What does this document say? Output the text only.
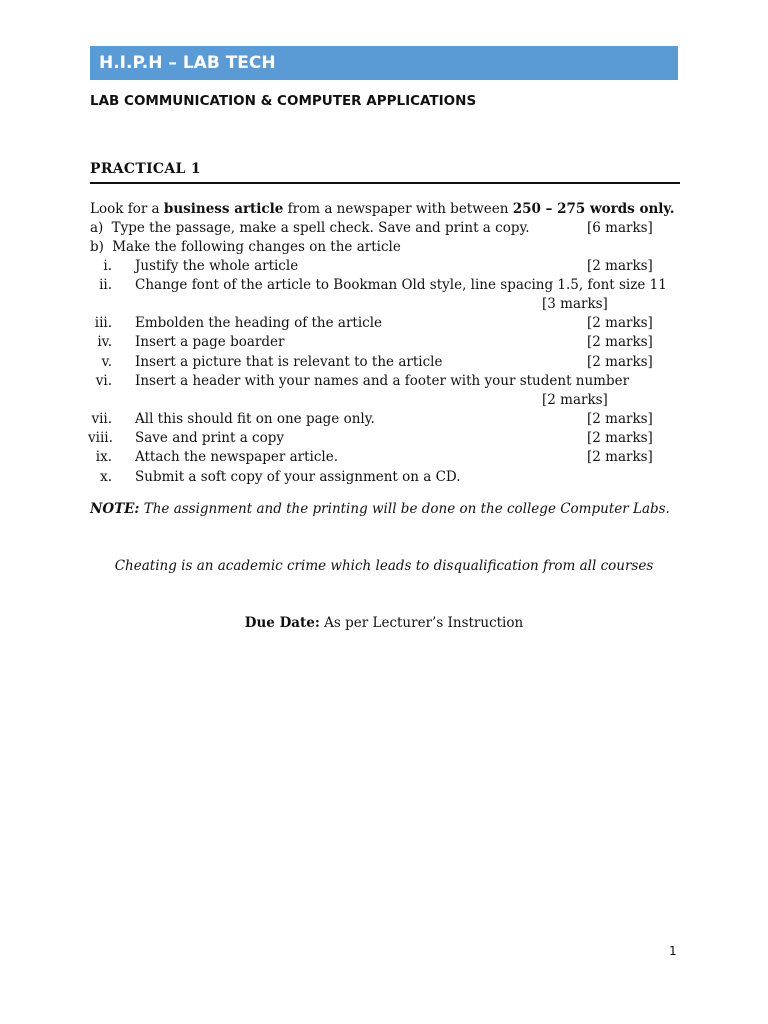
H.I.P.H – LAB TECH
LAB COMMUNICATION & COMPUTER APPLICATIONS
PRACTICAL 1
Look for a business article from a newspaper with between 250 – 275 words only.
a) Type the passage, make a spell check. Save and print a copy.	[6 marks]
b) Make the following changes on the article
i. Justify the whole article	[2 marks]
ii. Change font of the article to Bookman Old style, line spacing 1.5, font size 11
[3 marks]
iii. Embolden the heading of the article	[2 marks]
iv. Insert a page boarder	[2 marks]
v. Insert a picture that is relevant to the article	[2 marks]
vi. Insert a header with your names and a footer with your student number
[2 marks]
vii. All this should fit on one page only.	[2 marks]
viii. Save and print a copy	[2 marks]
ix. Attach the newspaper article.	[2 marks]
x. Submit a soft copy of your assignment on a CD.
NOTE: The assignment and the printing will be done on the college Computer Labs.
Cheating is an academic crime which leads to disqualification from all courses
Due Date: As per Lecturer’s Instruction
1
